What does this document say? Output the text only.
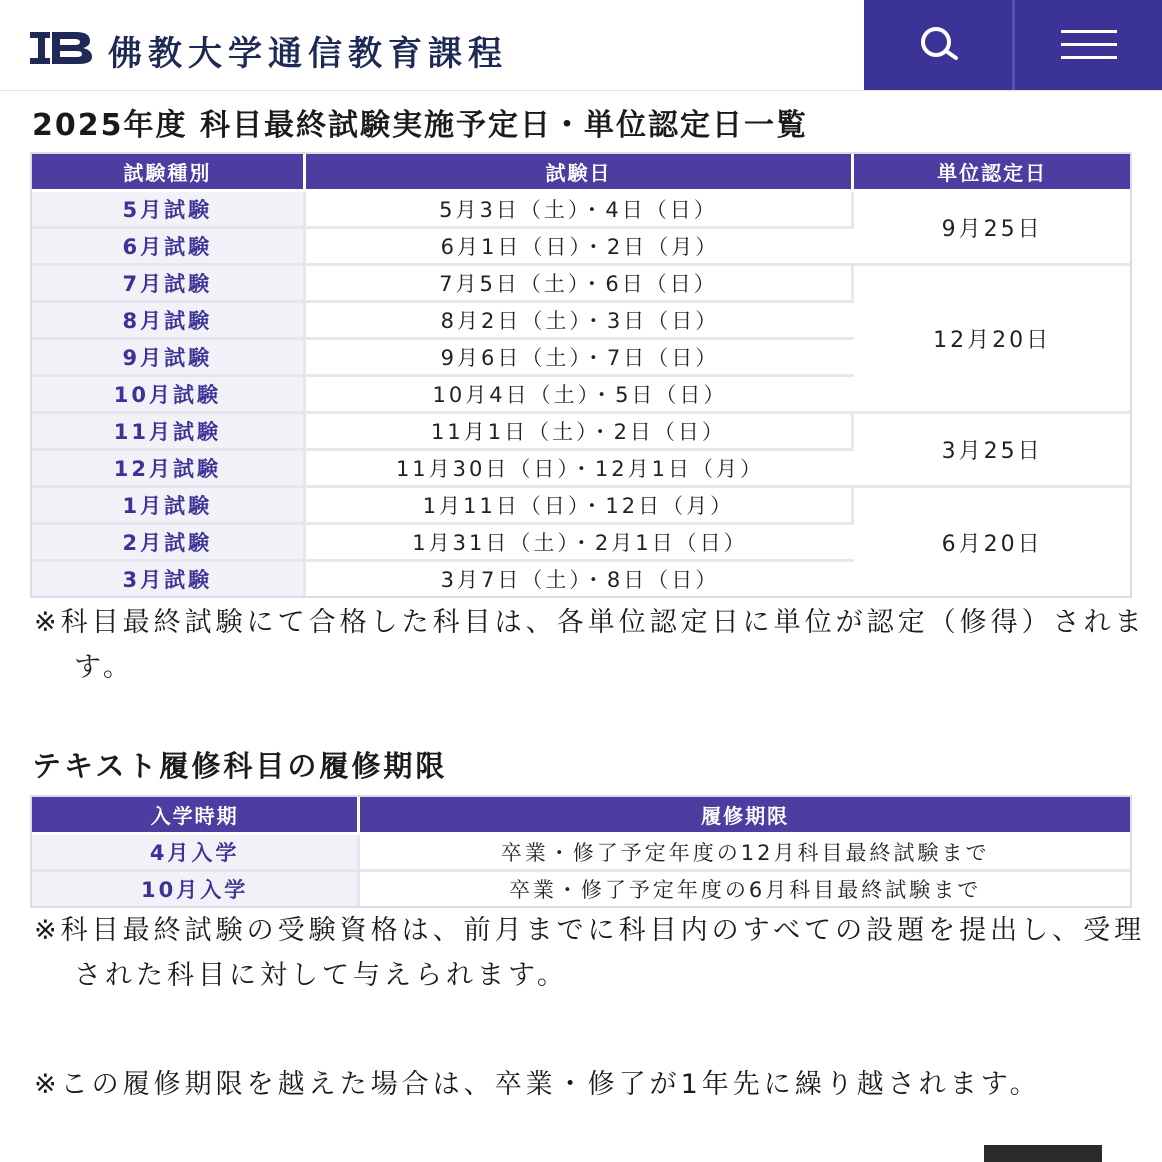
佛教大学通信教育課程
2025年度 科目最終試験実施予定日・単位認定日一覧
試験種別	試験日	単位認定日
5月試験	5月3日（土）・4日（日）	9月25日
6月試験	6月1日（日）・2日（月）	
7月試験	7月5日（土）・6日（日）	12月20日
8月試験	8月2日（土）・3日（日）	
9月試験	9月6日（土）・7日（日）	
10月試験	10月4日（土）・5日（日）	
11月試験	11月1日（土）・2日（日）	3月25日
12月試験	11月30日（日）・12月1日（月）	
1月試験	1月11日（日）・12日（月）	6月20日
2月試験	1月31日（土）・2月1日（日）	
3月試験	3月7日（土）・8日（日）	
※科目最終試験にて合格した科目は、各単位認定日に単位が認定（修得）されます。
テキスト履修科目の履修期限
入学時期	履修期限
4月入学	卒業・修了予定年度の12月科目最終試験まで
10月入学	卒業・修了予定年度の6月科目最終試験まで
※科目最終試験の受験資格は、前月までに科目内のすべての設題を提出し、受理された科目に対して与えられます。
※この履修期限を越えた場合は、卒業・修了が1年先に繰り越されます。
